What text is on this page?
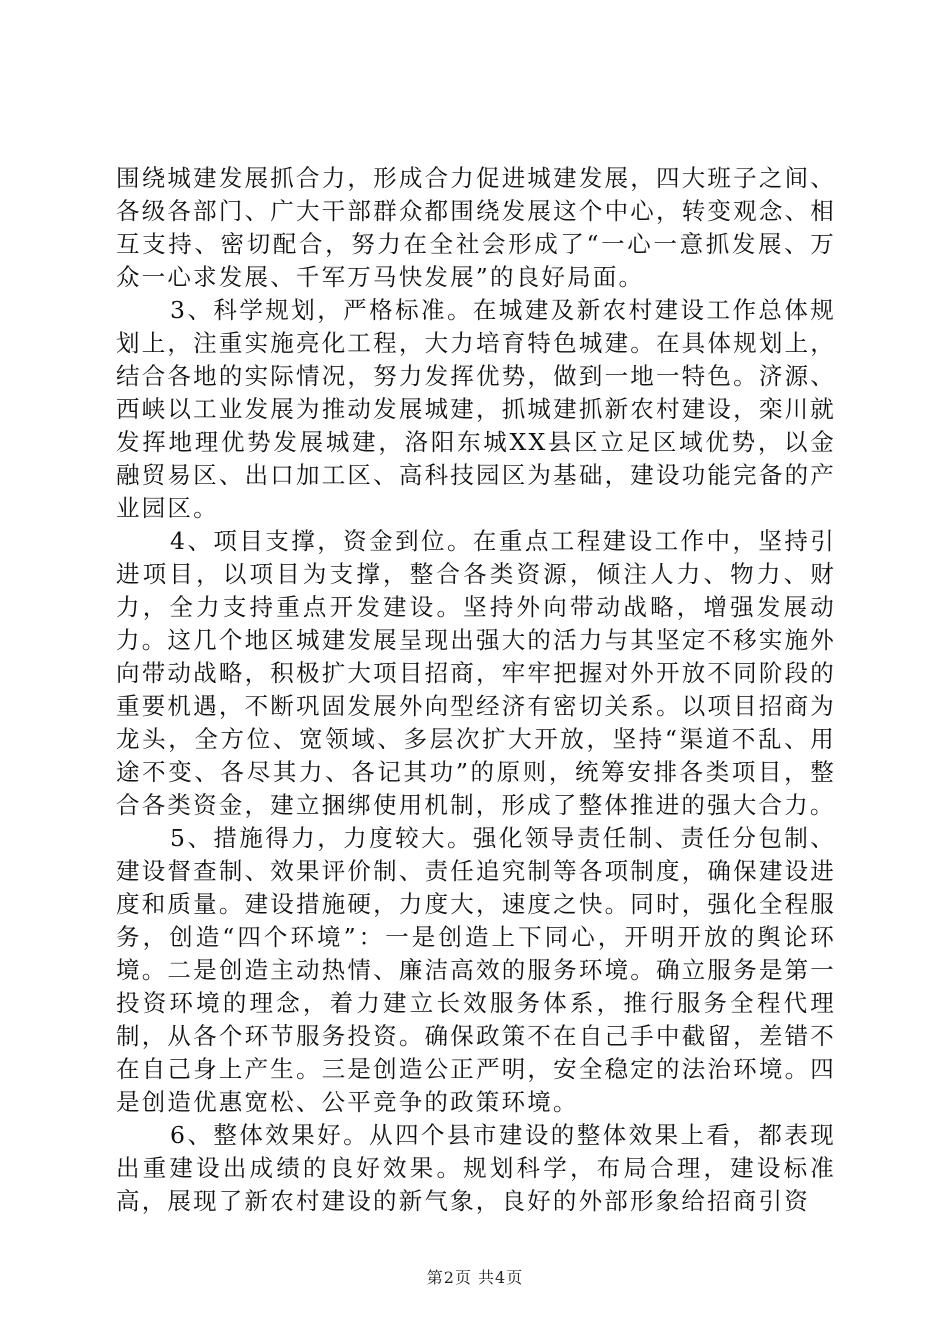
围绕城建发展抓合力，形成合力促进城建发展，四大班子之间、各级各部门、广大干部群众都围绕发展这个中心，转变观念、相互支持、密切配合，努力在全社会形成了“一心一意抓发展、万众一心求发展、千军万马快发展”的良好局面。

3、科学规划，严格标准。在城建及新农村建设工作总体规划上，注重实施亮化工程，大力培育特色城建。在具体规划上，结合各地的实际情况，努力发挥优势，做到一地一特色。济源、西峡以工业发展为推动发展城建，抓城建抓新农村建设，栾川就发挥地理优势发展城建，洛阳东城XX县区立足区域优势，以金融贸易区、出口加工区、高科技园区为基础，建设功能完备的产业园区。

4、项目支撑，资金到位。在重点工程建设工作中，坚持引进项目，以项目为支撑，整合各类资源，倾注人力、物力、财力，全力支持重点开发建设。坚持外向带动战略，增强发展动力。这几个地区城建发展呈现出强大的活力与其坚定不移实施外向带动战略，积极扩大项目招商，牢牢把握对外开放不同阶段的重要机遇，不断巩固发展外向型经济有密切关系。以项目招商为龙头，全方位、宽领域、多层次扩大开放，坚持“渠道不乱、用途不变、各尽其力、各记其功”的原则，统筹安排各类项目，整合各类资金，建立捆绑使用机制，形成了整体推进的强大合力。

5、措施得力，力度较大。强化领导责任制、责任分包制、建设督查制、效果评价制、责任追究制等各项制度，确保建设进度和质量。建设措施硬，力度大，速度之快。同时，强化全程服务，创造“四个环境”：一是创造上下同心，开明开放的舆论环境。二是创造主动热情、廉洁高效的服务环境。确立服务是第一投资环境的理念，着力建立长效服务体系，推行服务全程代理制，从各个环节服务投资。确保政策不在自己手中截留，差错不在自己身上产生。三是创造公正严明，安全稳定的法治环境。四是创造优惠宽松、公平竞争的政策环境。

6、整体效果好。从四个县市建设的整体效果上看，都表现出重建设出成绩的良好效果。规划科学，布局合理，建设标准高，展现了新农村建设的新气象，良好的外部形象给招商引资

第2页 共4页
